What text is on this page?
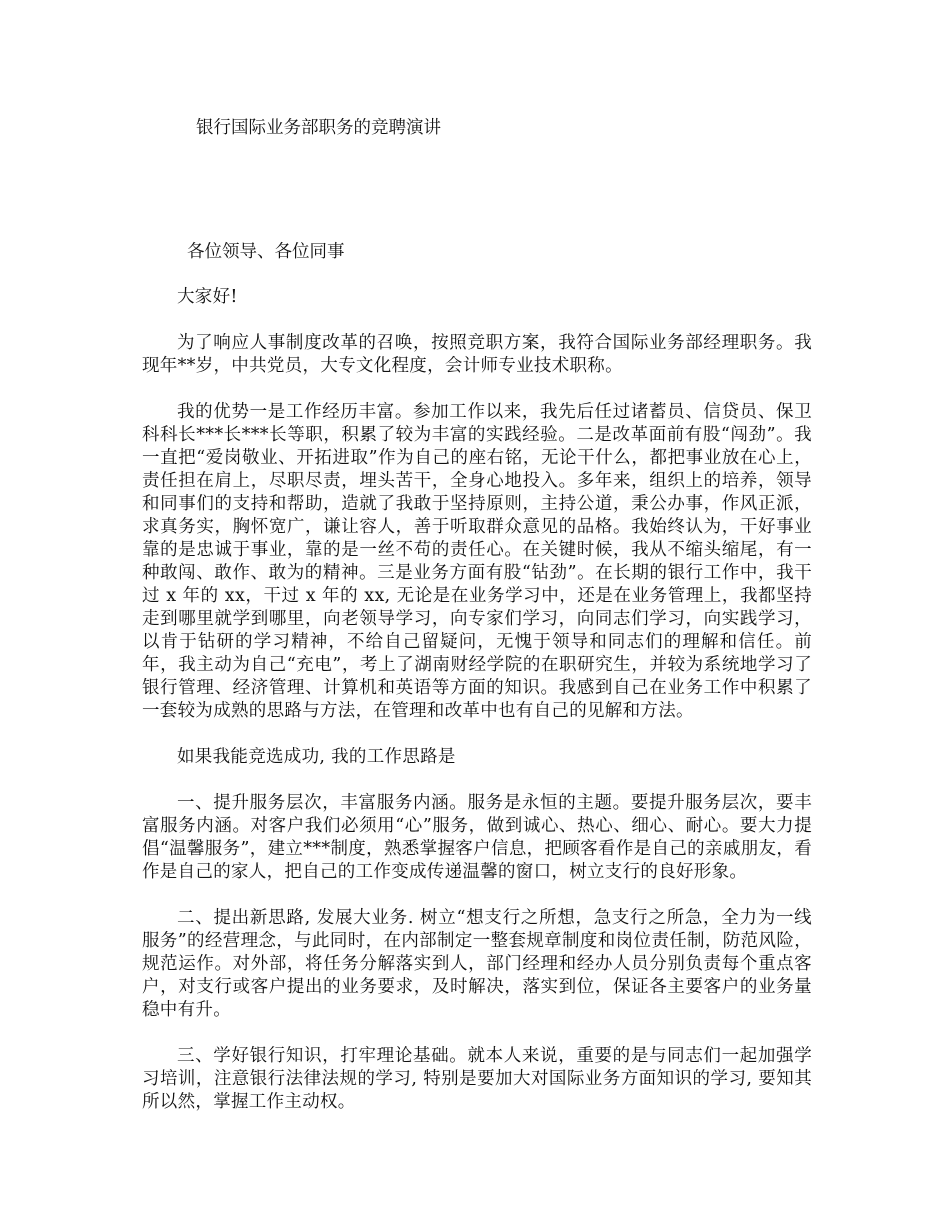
银行国际业务部职务的竞聘演讲

各位领导、各位同事

大家好!

为了响应人事制度改革的召唤，按照竞职方案，我符合国际业务部经理职务。我现年**岁，中共党员，大专文化程度，会计师专业技术职称。

我的优势一是工作经历丰富。参加工作以来，我先后任过诸蓄员、信贷员、保卫科科长***长***长等职，积累了较为丰富的实践经验。二是改革面前有股“闯劲”。我一直把“爱岗敬业、开拓进取”作为自己的座右铭，无论干什么，都把事业放在心上，责任担在肩上，尽职尽责，埋头苦干，全身心地投入。多年来，组织上的培养，领导和同事们的支持和帮助，造就了我敢于坚持原则，主持公道，秉公办事，作风正派，求真务实，胸怀宽广，谦让容人，善于听取群众意见的品格。我始终认为，干好事业靠的是忠诚于事业，靠的是一丝不苟的责任心。在关键时候，我从不缩头缩尾，有一种敢闯、敢作、敢为的精神。三是业务方面有股“钻劲”。在长期的银行工作中，我干过 x 年的 xx，干过 x 年的 xx, 无论是在业务学习中，还是在业务管理上，我都坚持走到哪里就学到哪里，向老领导学习，向专家们学习，向同志们学习，向实践学习，以肯于钻研的学习精神，不给自己留疑问，无愧于领导和同志们的理解和信任。前年，我主动为自己“充电”，考上了湖南财经学院的在职研究生，并较为系统地学习了银行管理、经济管理、计算机和英语等方面的知识。我感到自己在业务工作中积累了一套较为成熟的思路与方法，在管理和改革中也有自己的见解和方法。

如果我能竞选成功, 我的工作思路是

一、提升服务层次，丰富服务内涵。服务是永恒的主题。要提升服务层次，要丰富服务内涵。对客户我们必须用“心”服务，做到诚心、热心、细心、耐心。要大力提倡“温馨服务”，建立***制度，熟悉掌握客户信息，把顾客看作是自己的亲戚朋友，看作是自己的家人，把自己的工作变成传递温馨的窗口，树立支行的良好形象。

二、提出新思路, 发展大业务. 树立“想支行之所想，急支行之所急，全力为一线服务”的经营理念，与此同时，在内部制定一整套规章制度和岗位责任制，防范风险，规范运作。对外部，将任务分解落实到人，部门经理和经办人员分别负责每个重点客户，对支行或客户提出的业务要求，及时解决，落实到位，保证各主要客户的业务量稳中有升。

三、学好银行知识，打牢理论基础。就本人来说，重要的是与同志们一起加强学习培训，注意银行法律法规的学习, 特别是要加大对国际业务方面知识的学习, 要知其所以然，掌握工作主动权。
